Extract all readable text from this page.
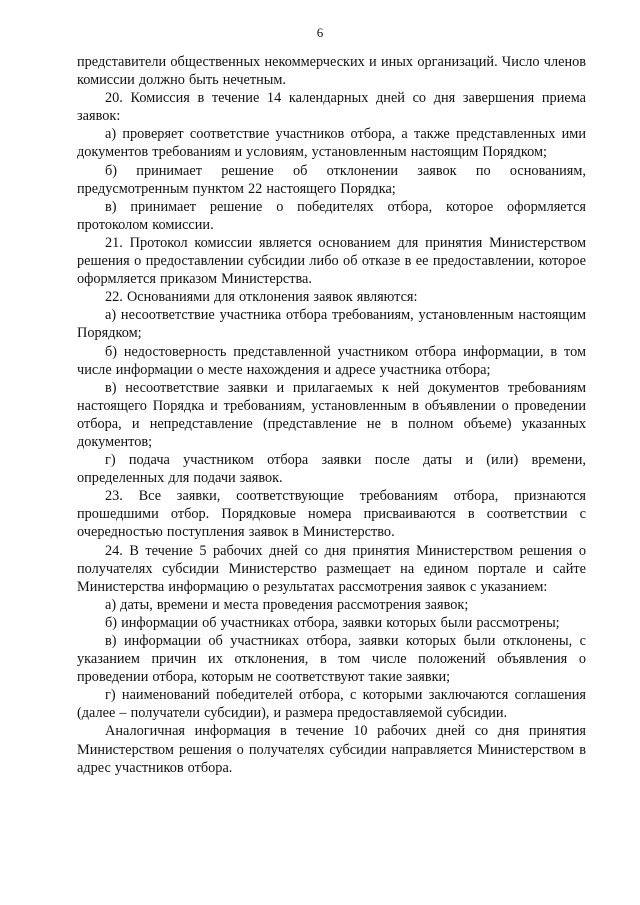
6

представители общественных некоммерческих и иных организаций. Число членов комиссии должно быть нечетным.

20. Комиссия в течение 14 календарных дней со дня завершения приема заявок:

а) проверяет соответствие участников отбора, а также представленных ими документов требованиям и условиям, установленным настоящим Порядком;

б) принимает решение об отклонении заявок по основаниям, предусмотренным пунктом 22 настоящего Порядка;

в) принимает решение о победителях отбора, которое оформляется протоколом комиссии.

21. Протокол комиссии является основанием для принятия Министерством решения о предоставлении субсидии либо об отказе в ее предоставлении, которое оформляется приказом Министерства.

22. Основаниями для отклонения заявок являются:

а) несоответствие участника отбора требованиям, установленным настоящим Порядком;

б) недостоверность представленной участником отбора информации, в том числе информации о месте нахождения и адресе участника отбора;

в) несоответствие заявки и прилагаемых к ней документов требованиям настоящего Порядка и требованиям, установленным в объявлении о проведении отбора, и непредставление (представление не в полном объеме) указанных документов;

г) подача участником отбора заявки после даты и (или) времени, определенных для подачи заявок.

23. Все заявки, соответствующие требованиям отбора, признаются прошедшими отбор. Порядковые номера присваиваются в соответствии с очередностью поступления заявок в Министерство.

24. В течение 5 рабочих дней со дня принятия Министерством решения о получателях субсидии Министерство размещает на едином портале и сайте Министерства информацию о результатах рассмотрения заявок с указанием:

а) даты, времени и места проведения рассмотрения заявок;

б) информации об участниках отбора, заявки которых были рассмотрены;

в) информации об участниках отбора, заявки которых были отклонены, с указанием причин их отклонения, в том числе положений объявления о проведении отбора, которым не соответствуют такие заявки;

г) наименований победителей отбора, с которыми заключаются соглашения (далее – получатели субсидии), и размера предоставляемой субсидии.

Аналогичная информация в течение 10 рабочих дней со дня принятия Министерством решения о получателях субсидии направляется Министерством в адрес участников отбора.
